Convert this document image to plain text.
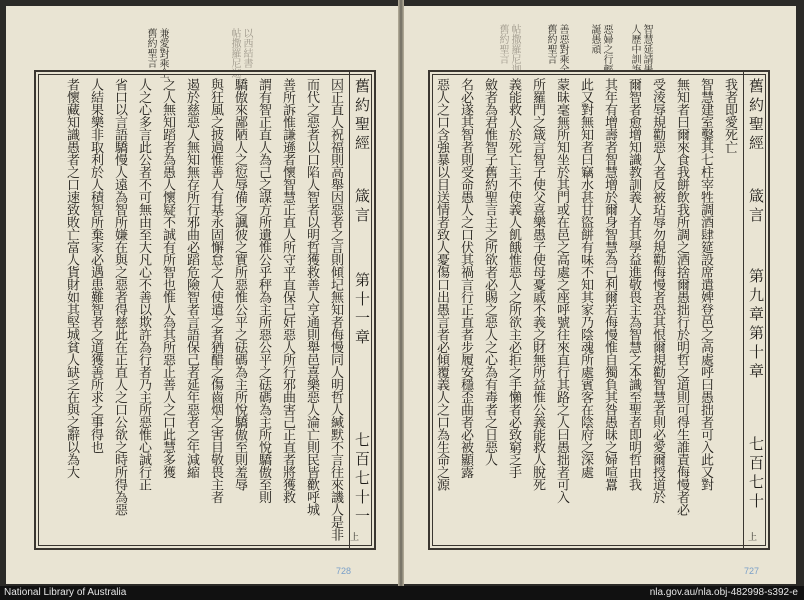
兼愛對乘全
舊約聖言	以西結書
帖撒羅尼迦
舊約聖經
箴言
第十一章
七百七十一
因正直人祝福則高舉因惡者之言則傾圮無知者侮慢同人明哲人緘默不言往來譏人是非
而代之惡者以口陷人智者以明哲獲救善人亨通則舉邑喜樂惡人淪亡則民皆歡呼城
善所訴惟謙遜者懷智慧正直人所守平直保己奸惡人所行邪曲害己正直者將獲救
謂有智正直人為己之謀方所遺惟公乎秤為主所惡公平之砝碼為主所悅驕傲至則
驕傲來鄙陋人之愆辱備之諷彼之實所惡惟公平之砝碼為主所悅驕傲至則羞辱
與狂風之披過惟善人有基永固懈怠之人使遣之者猶醋之傷齒烟之害目敬畏主者
遏於慈惡人無知無存所行邪曲必蹈危險智者言語保己者延年惡者之年減縮
之人無知蹈者為愚人懷疑不誠有所智也惟人為其所惡止善人之口此慧多獲
人之心多言此公者不可無由至大凡心不善以欺許為行者乃主所惡惟心誠行正
省口以言語驕慢人遠為智所嫌在與之惡者得慈此在正直人之口公欲之時所得為惡
人結果樂非取利於人積智所棄家必遇患難智者之道獲善所求之事得也
者懷藏知識愚者之口速致敗亡富人貨財如其堅城貧人缺乏在與之辭以為大
上
728
智慧延請愚
人歷中訓誨
惡婦之行輕
誕愚頑
善惡對乘全
舊約聖言
帖撒羅尼迦
舊約聖言
舊約聖經
箴言
第九章第十章
七百七十
我者即愛死亡
智慧建室鑿其七柱宰牲調酒肆筵設席遣婢登邑之高處呼曰愚拙者可入此又對
無知者曰爾來食我餅飲我所調之酒捨爾愚拙行於明哲之道則可得生誰責侮慢者必
受淩辱規勸惡人者反被玷辱勿規勸侮慢者恐其恨爾規勸智慧者則必愛爾授道於
爾智者愈增知識教訓義人者其學益進敬畏主為智慧之本識至聖者即明哲由我
其年有增壽者智慧增於爾身智慧為己利爾若侮慢惟自獨負其咎愚昧之婦喧囂
此又對無知者曰竊水甚甘盜餅有味不知其家乃陰魂所處賓客在陰府之深處
蒙昧毫無所知坐於其門或在邑之高處之座呼號往來直行其路之人曰愚拙者可入
所羅門之箴言智子使父喜樂愚子使母憂戚不義之財無所益惟公義能救人脫死
義能救人於死亡主不使義人飢餓惟惡人之所欲主必拒之手懶者必致窮乏手
斂者為君惟智子舊約聖言主之所欲者必賜之惡人之心為有毒者之日惡人
名必遂其智者則受命愚人之口伏其禍言行正直者步履安穩歪曲者必被顯露
惡人之口含強暴以目送情者致人憂傷口出愚言者必傾覆義人之口為生命之源
上
727
National Library of Australia	nla.gov.au/nla.obj-482998-s392-e
